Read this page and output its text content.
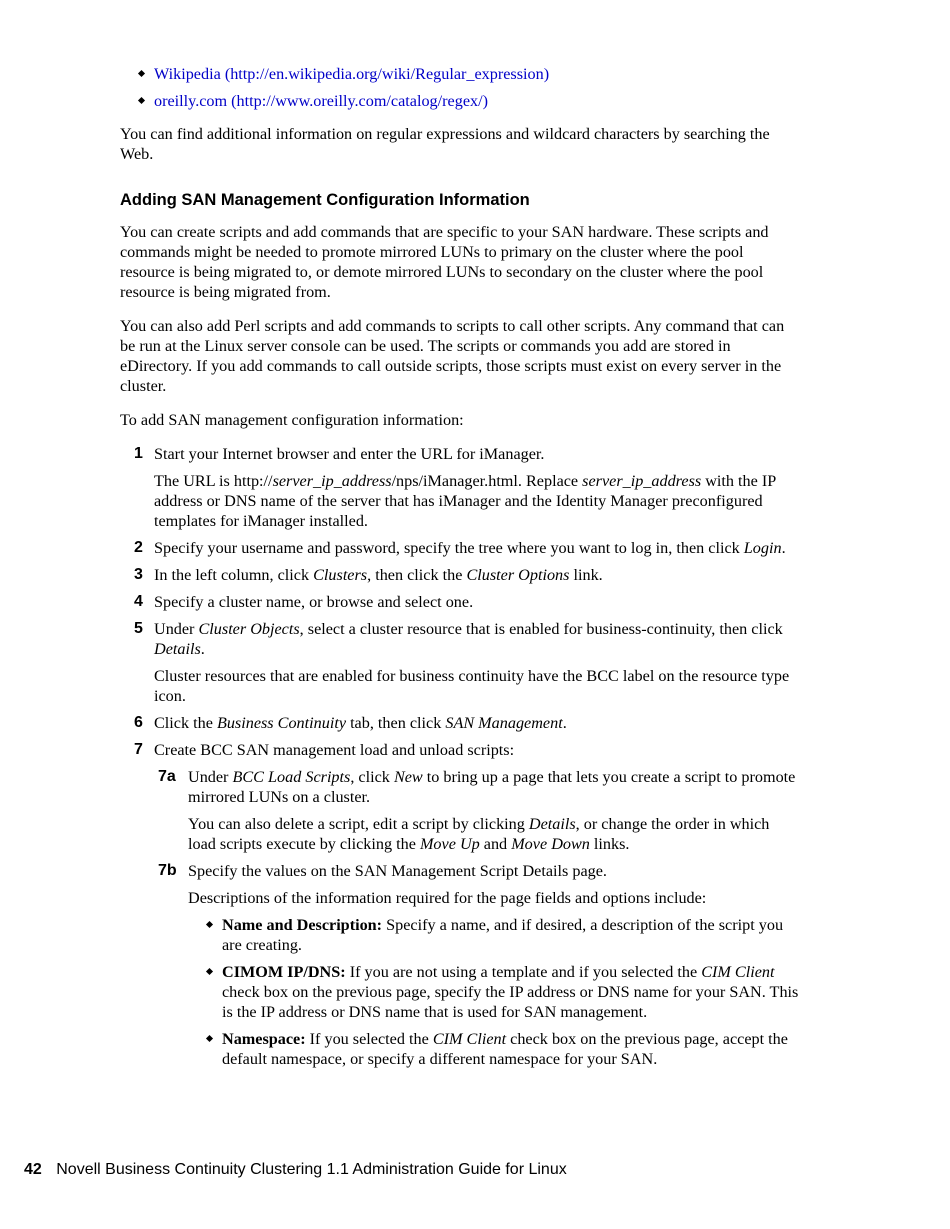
Wikipedia (http://en.wikipedia.org/wiki/Regular_expression)
oreilly.com (http://www.oreilly.com/catalog/regex/)

You can find additional information on regular expressions and wildcard characters by searching the Web.

Adding SAN Management Configuration Information

You can create scripts and add commands that are specific to your SAN hardware. These scripts and commands might be needed to promote mirrored LUNs to primary on the cluster where the pool resource is being migrated to, or demote mirrored LUNs to secondary on the cluster where the pool resource is being migrated from.

You can also add Perl scripts and add commands to scripts to call other scripts. Any command that can be run at the Linux server console can be used. The scripts or commands you add are stored in eDirectory. If you add commands to call outside scripts, those scripts must exist on every server in the cluster.

To add SAN management configuration information:

1 Start your Internet browser and enter the URL for iManager.

The URL is http://server_ip_address/nps/iManager.html. Replace server_ip_address with the IP address or DNS name of the server that has iManager and the Identity Manager preconfigured templates for iManager installed.

2 Specify your username and password, specify the tree where you want to log in, then click Login.

3 In the left column, click Clusters, then click the Cluster Options link.

4 Specify a cluster name, or browse and select one.

5 Under Cluster Objects, select a cluster resource that is enabled for business-continuity, then click Details.

Cluster resources that are enabled for business continuity have the BCC label on the resource type icon.

6 Click the Business Continuity tab, then click SAN Management.

7 Create BCC SAN management load and unload scripts:

7a Under BCC Load Scripts, click New to bring up a page that lets you create a script to promote mirrored LUNs on a cluster.

You can also delete a script, edit a script by clicking Details, or change the order in which load scripts execute by clicking the Move Up and Move Down links.

7b Specify the values on the SAN Management Script Details page.

Descriptions of the information required for the page fields and options include:

Name and Description: Specify a name, and if desired, a description of the script you are creating.
CIMOM IP/DNS: If you are not using a template and if you selected the CIM Client check box on the previous page, specify the IP address or DNS name for your SAN. This is the IP address or DNS name that is used for SAN management.
Namespace: If you selected the CIM Client check box on the previous page, accept the default namespace, or specify a different namespace for your SAN.
42 Novell Business Continuity Clustering 1.1 Administration Guide for Linux
